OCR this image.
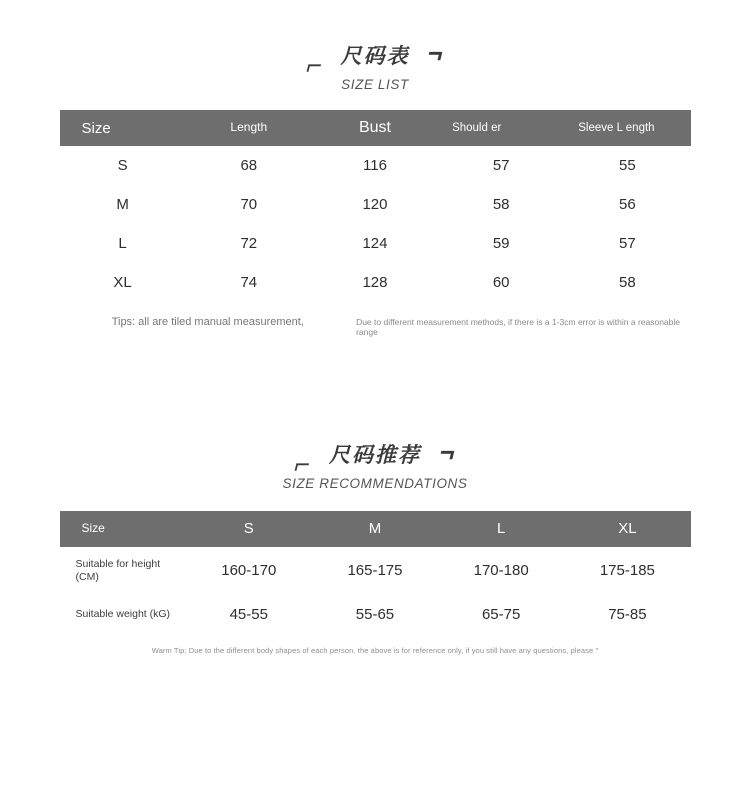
⌐ 尺码表 ¬
SIZE LIST
Size	Length	Bust	Should er	Sleeve L ength
S	68	116	57	55
M	70	120	58	56
L	72	124	59	57
XL	74	128	60	58
Tips: all are tiled manual measurement,	Due to different measurement methods, if there is a 1-3cm error is within a reasonable range
⌐ 尺码推荐 ¬
SIZE RECOMMENDATIONS
Size	S	M	L	XL
Suitable for height (CM)	160-170	165-175	170-180	175-185
Suitable weight (kG)	45-55	55-65	65-75	75-85
Warm Tip: Due to the different body shapes of each person, the above is for reference only, if you still have any questions, please "
